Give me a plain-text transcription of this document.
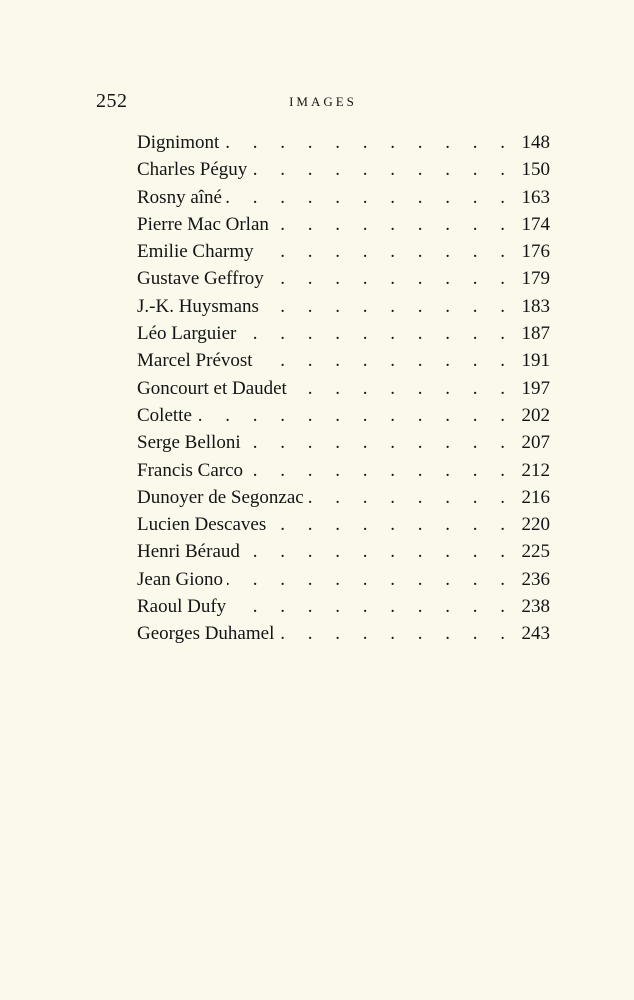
252	IMAGES
Dignimont . . .	148
Charles Péguy . . .	150
Rosny aîné . . .	163
Pierre Mac Orlan . . .	174
Emilie Charmy . . .	176
Gustave Geffroy . . .	179
J.-K. Huysmans . . .	183
Léo Larguier . . .	187
Marcel Prévost . . .	191
Goncourt et Daudet . . .	197
Colette . . .	202
Serge Belloni . . .	207
Francis Carco . . .	212
Dunoyer de Segonzac . . .	216
Lucien Descaves . . .	220
Henri Béraud . . .	225
Jean Giono . . .	236
Raoul Dufy . . .	238
Georges Duhamel . . .	243
